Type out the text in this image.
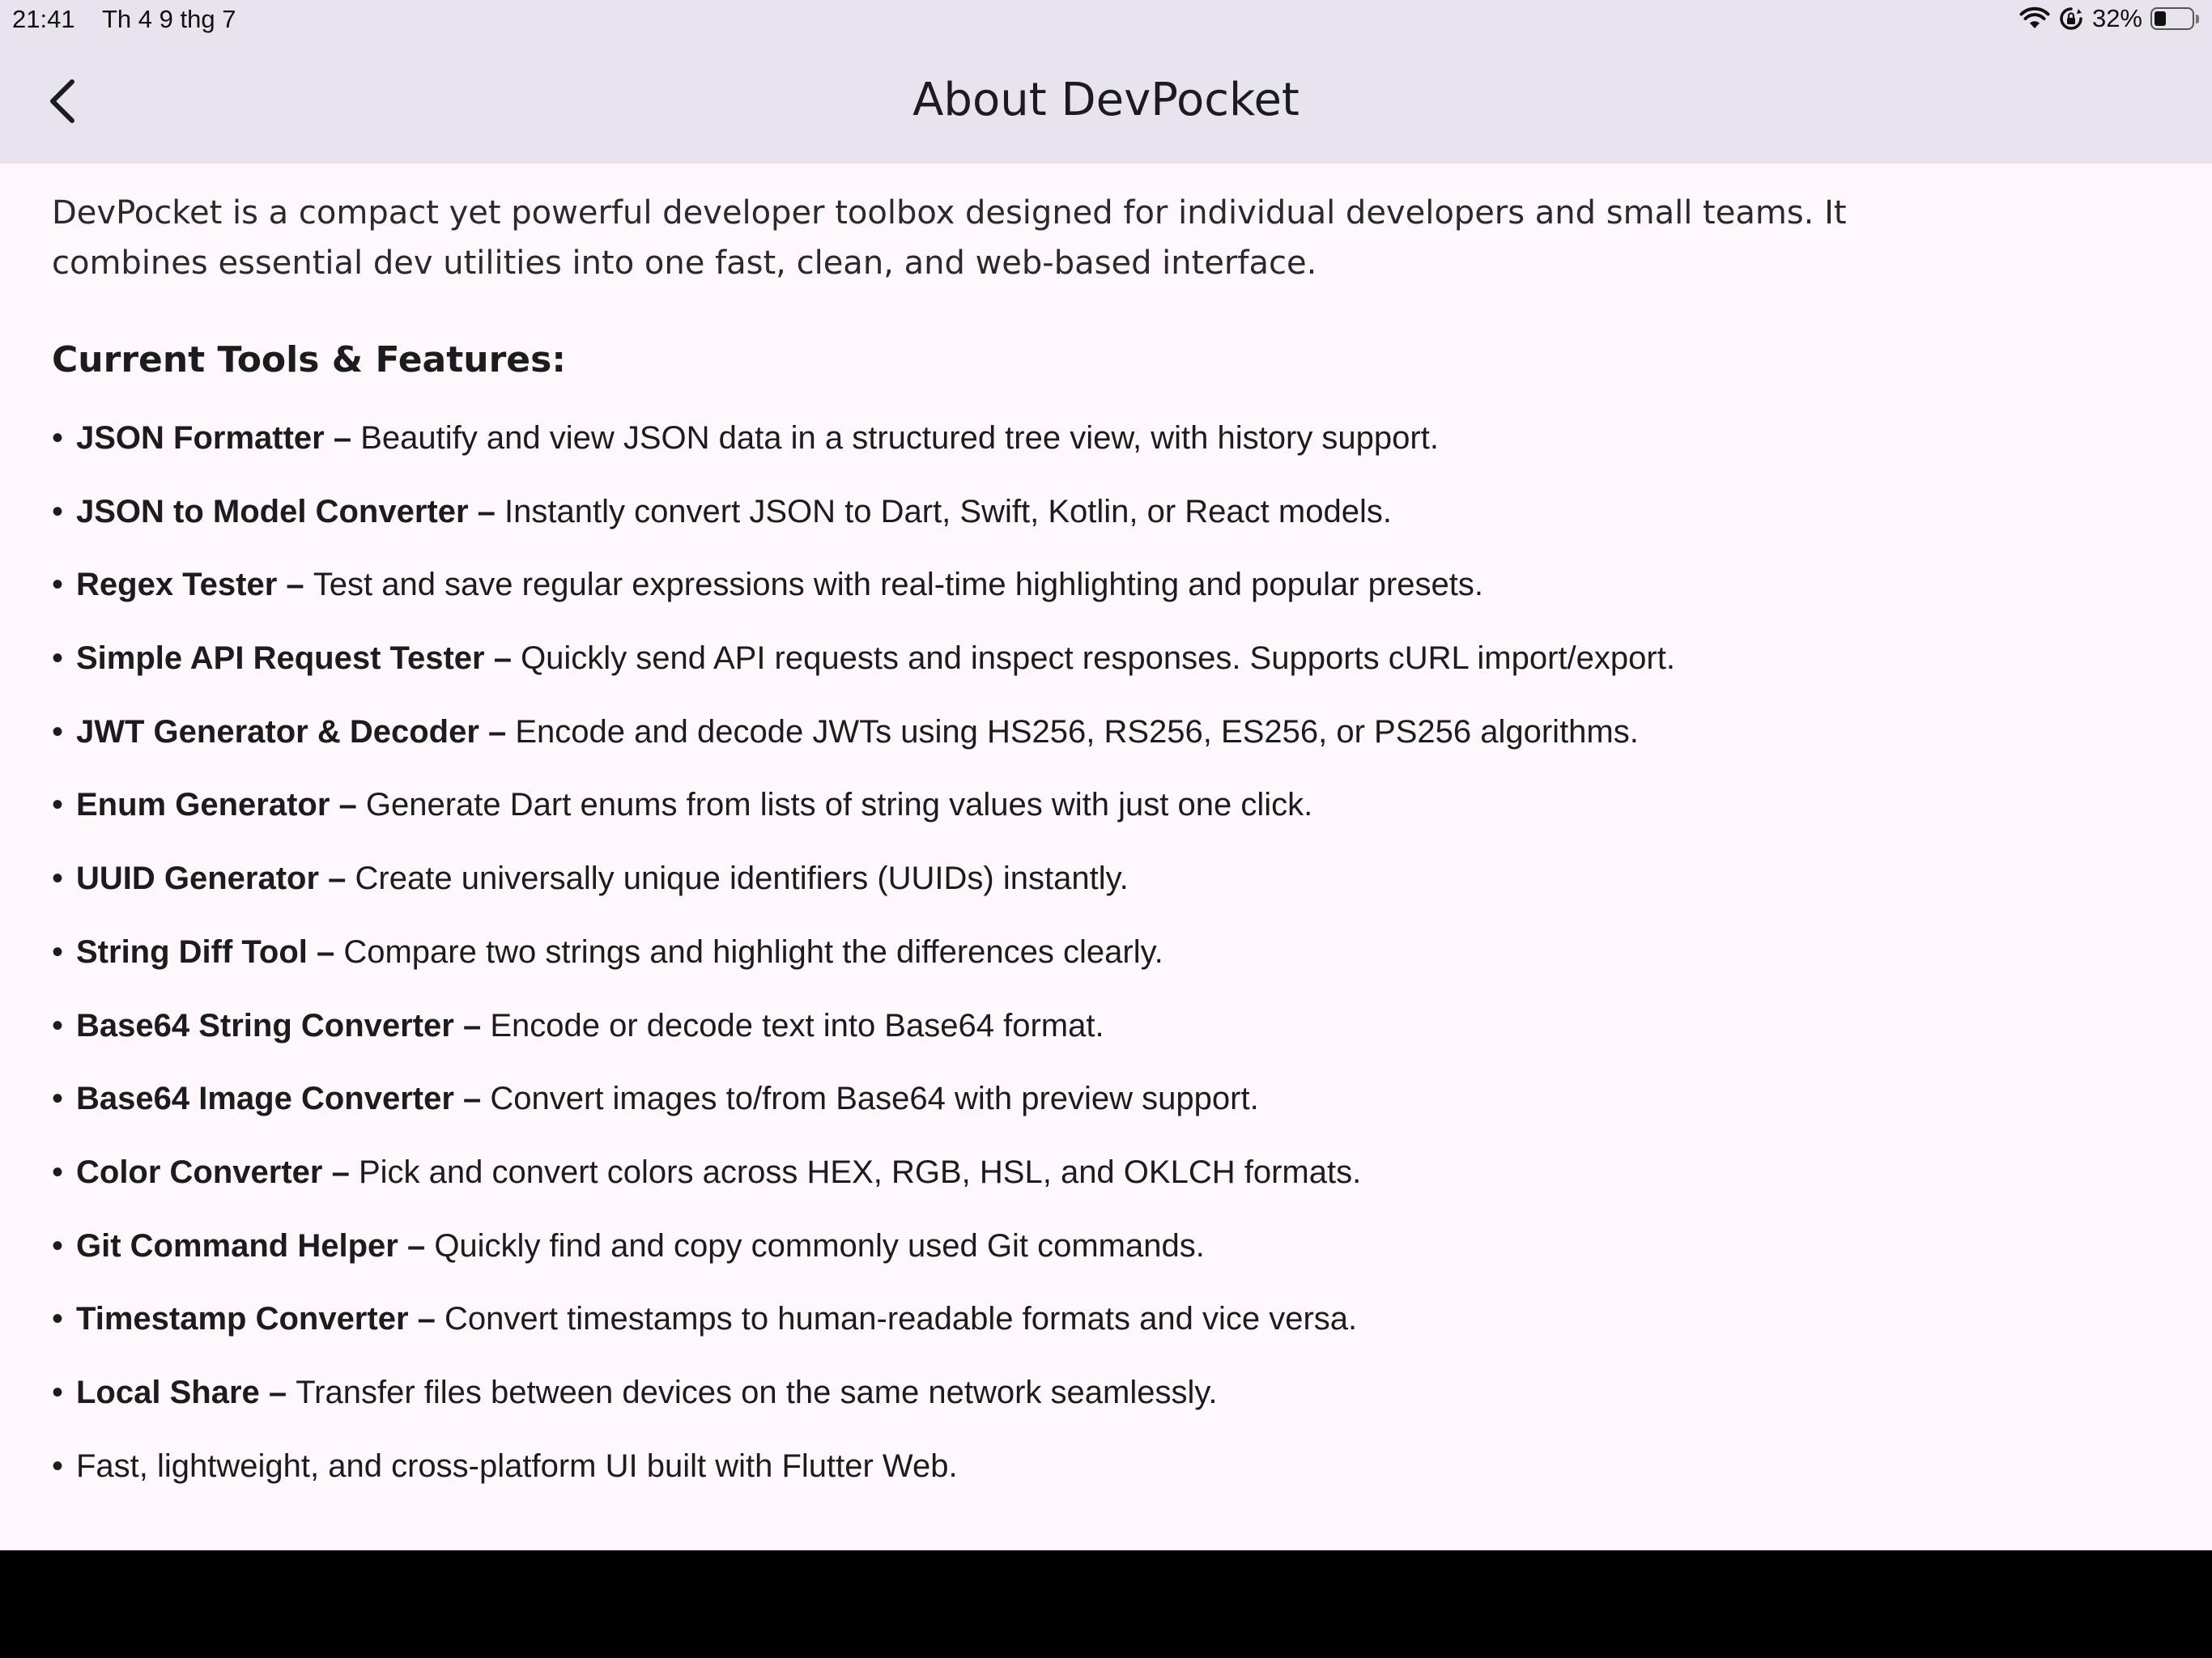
21:41 Th 4 9 thg 7	32%
About DevPocket

DevPocket is a compact yet powerful developer toolbox designed for individual developers and small teams. It combines essential dev utilities into one fast, clean, and web-based interface.

Current Tools & Features:
• JSON Formatter – Beautify and view JSON data in a structured tree view, with history support.
• JSON to Model Converter – Instantly convert JSON to Dart, Swift, Kotlin, or React models.
• Regex Tester – Test and save regular expressions with real-time highlighting and popular presets.
• Simple API Request Tester – Quickly send API requests and inspect responses. Supports cURL import/export.
• JWT Generator & Decoder – Encode and decode JWTs using HS256, RS256, ES256, or PS256 algorithms.
• Enum Generator – Generate Dart enums from lists of string values with just one click.
• UUID Generator – Create universally unique identifiers (UUIDs) instantly.
• String Diff Tool – Compare two strings and highlight the differences clearly.
• Base64 String Converter – Encode or decode text into Base64 format.
• Base64 Image Converter – Convert images to/from Base64 with preview support.
• Color Converter – Pick and convert colors across HEX, RGB, HSL, and OKLCH formats.
• Git Command Helper – Quickly find and copy commonly used Git commands.
• Timestamp Converter – Convert timestamps to human-readable formats and vice versa.
• Local Share – Transfer files between devices on the same network seamlessly.
• Fast, lightweight, and cross-platform UI built with Flutter Web.
